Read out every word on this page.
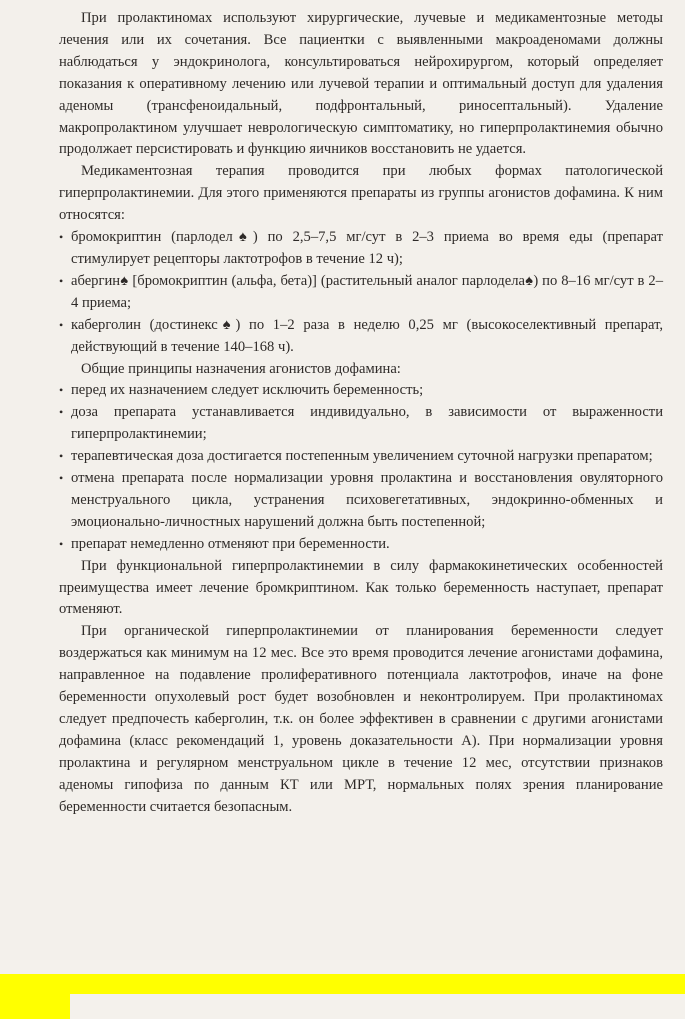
При пролактиномах используют хирургические, лучевые и медикаментозные методы лечения или их сочетания. Все пациентки с выявленными макроаденомами должны наблюдаться у эндокринолога, консультироваться нейрохирургом, который определяет показания к оперативному лечению или лучевой терапии и оптимальный доступ для удаления аденомы (трансфеноидальный, подфронтальный, риносептальный). Удаление макропролактином улучшает неврологическую симптоматику, но гиперпролактинемия обычно продолжает персистировать и функцию яичников восстановить не удается.

Медикаментозная терапия проводится при любых формах патологической гиперпролактинемии. Для этого применяются препараты из группы агонистов дофамина. К ним относятся:

• бромокриптин (парлодел♠) по 2,5–7,5 мг/сут в 2–3 приема во время еды (препарат стимулирует рецепторы лактотрофов в течение 12 ч);
• абергин♠ [бромокриптин (альфа, бета)] (растительный аналог парлодела♠) по 8–16 мг/сут в 2–4 приема;
• каберголин (достинекс♠) по 1–2 раза в неделю 0,25 мг (высокоселективный препарат, действующий в течение 140–168 ч).

Общие принципы назначения агонистов дофамина:

• перед их назначением следует исключить беременность;
• доза препарата устанавливается индивидуально, в зависимости от выраженности гиперпролактинемии;
• терапевтическая доза достигается постепенным увеличением суточной нагрузки препаратом;
• отмена препарата после нормализации уровня пролактина и восстановления овуляторного менструального цикла, устранения психовегетативных, эндокринно-обменных и эмоционально-личностных нарушений должна быть постепенной;
• препарат немедленно отменяют при беременности.

При функциональной гиперпролактинемии в силу фармакокинетических особенностей преимущества имеет лечение бромкриптином. Как только беременность наступает, препарат отменяют.

При органической гиперпролактинемии от планирования беременности следует воздержаться как минимум на 12 мес. Все это время проводится лечение агонистами дофамина, направленное на подавление пролиферативного потенциала лактотрофов, иначе на фоне беременности опухолевый рост будет возобновлен и неконтролируем. При пролактиномах следует предпочесть каберголин, т.к. он более эффективен в сравнении с другими агонистами дофамина (класс рекомендаций 1, уровень доказательности А). При нормализации уровня пролактина и регулярном менструальном цикле в течение 12 мес, отсутствии признаков аденомы гипофиза по данным КТ или МРТ, нормальных полях зрения планирование беременности считается безопасным.
